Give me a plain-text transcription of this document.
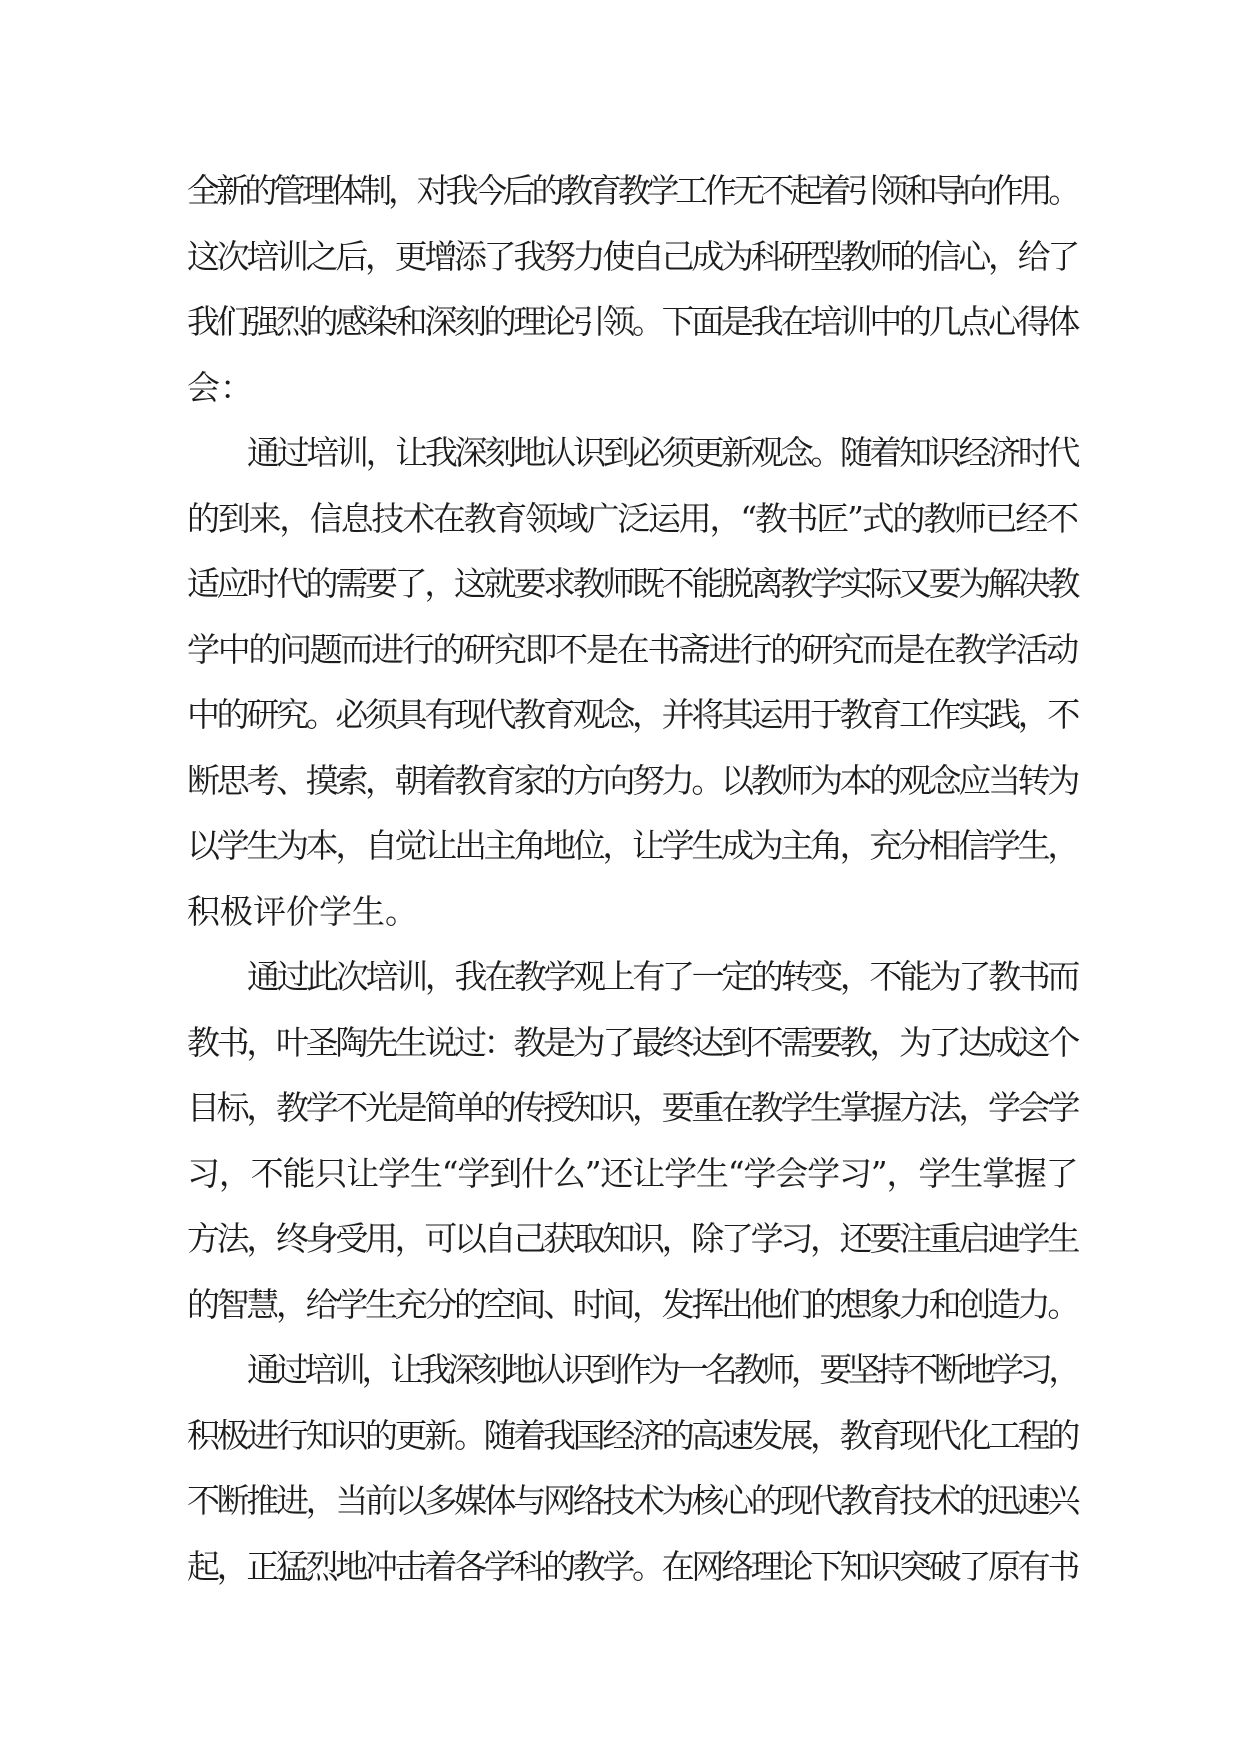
全新的管理体制，对我今后的教育教学工作无不起着引领和导向作用。
这次培训之后，更增添了我努力使自己成为科研型教师的信心，给了
我们强烈的感染和深刻的理论引领。下面是我在培训中的几点心得体
会：
通过培训，让我深刻地认识到必须更新观念。随着知识经济时代
的到来，信息技术在教育领域广泛运用，“教书匠”式的教师已经不
适应时代的需要了，这就要求教师既不能脱离教学实际又要为解决教
学中的问题而进行的研究即不是在书斋进行的研究而是在教学活动
中的研究。必须具有现代教育观念，并将其运用于教育工作实践，不
断思考、摸索，朝着教育家的方向努力。以教师为本的观念应当转为
以学生为本，自觉让出主角地位，让学生成为主角，充分相信学生，
积极评价学生。
通过此次培训，我在教学观上有了一定的转变，不能为了教书而
教书，叶圣陶先生说过：教是为了最终达到不需要教，为了达成这个
目标，教学不光是简单的传授知识，要重在教学生掌握方法，学会学
习，不能只让学生“学到什么”还让学生“学会学习”，学生掌握了
方法，终身受用，可以自己获取知识，除了学习，还要注重启迪学生
的智慧，给学生充分的空间、时间，发挥出他们的想象力和创造力。
通过培训，让我深刻地认识到作为一名教师，要坚持不断地学习，
积极进行知识的更新。随着我国经济的高速发展，教育现代化工程的
不断推进，当前以多媒体与网络技术为核心的现代教育技术的迅速兴
起，正猛烈地冲击着各学科的教学。在网络理论下知识突破了原有书
